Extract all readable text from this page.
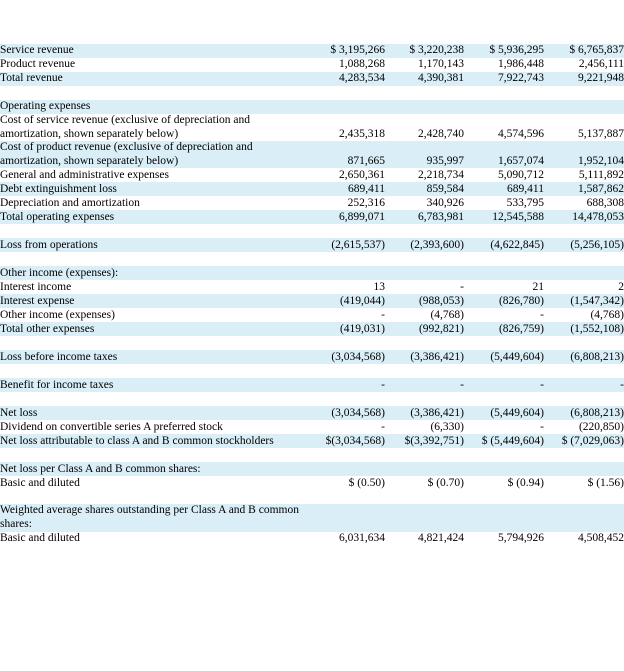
Service revenue	$ 3,195,266	$ 3,220,238	$ 5,936,295	$ 6,765,837
Product revenue	1,088,268	1,170,143	1,986,448	2,456,111
Total revenue	4,283,534	4,390,381	7,922,743	9,221,948

Operating expenses				
Cost of service revenue (exclusive of depreciation and amortization, shown separately below)	2,435,318	2,428,740	4,574,596	5,137,887
Cost of product revenue (exclusive of depreciation and amortization, shown separately below)	871,665	935,997	1,657,074	1,952,104
General and administrative expenses	2,650,361	2,218,734	5,090,712	5,111,892
Debt extinguishment loss	689,411	859,584	689,411	1,587,862
Depreciation and amortization	252,316	340,926	533,795	688,308
Total operating expenses	6,899,071	6,783,981	12,545,588	14,478,053

Loss from operations	(2,615,537)	(2,393,600)	(4,622,845)	(5,256,105)

Other income (expenses):				
Interest income	13	-	21	2
Interest expense	(419,044)	(988,053)	(826,780)	(1,547,342)
Other income (expenses)	-	(4,768)	-	(4,768)
Total other expenses	(419,031)	(992,821)	(826,759)	(1,552,108)

Loss before income taxes	(3,034,568)	(3,386,421)	(5,449,604)	(6,808,213)

Benefit for income taxes	-	-	-	-

Net loss	(3,034,568)	(3,386,421)	(5,449,604)	(6,808,213)
Dividend on convertible series A preferred stock	-	(6,330)	-	(220,850)
Net loss attributable to class A and B common stockholders	$(3,034,568)	$(3,392,751)	$ (5,449,604)	$ (7,029,063)

Net loss per Class A and B common shares:				
Basic and diluted	$ (0.50)	$ (0.70)	$ (0.94)	$ (1.56)

Weighted average shares outstanding per Class A and B common shares:				
Basic and diluted	6,031,634	4,821,424	5,794,926	4,508,452
